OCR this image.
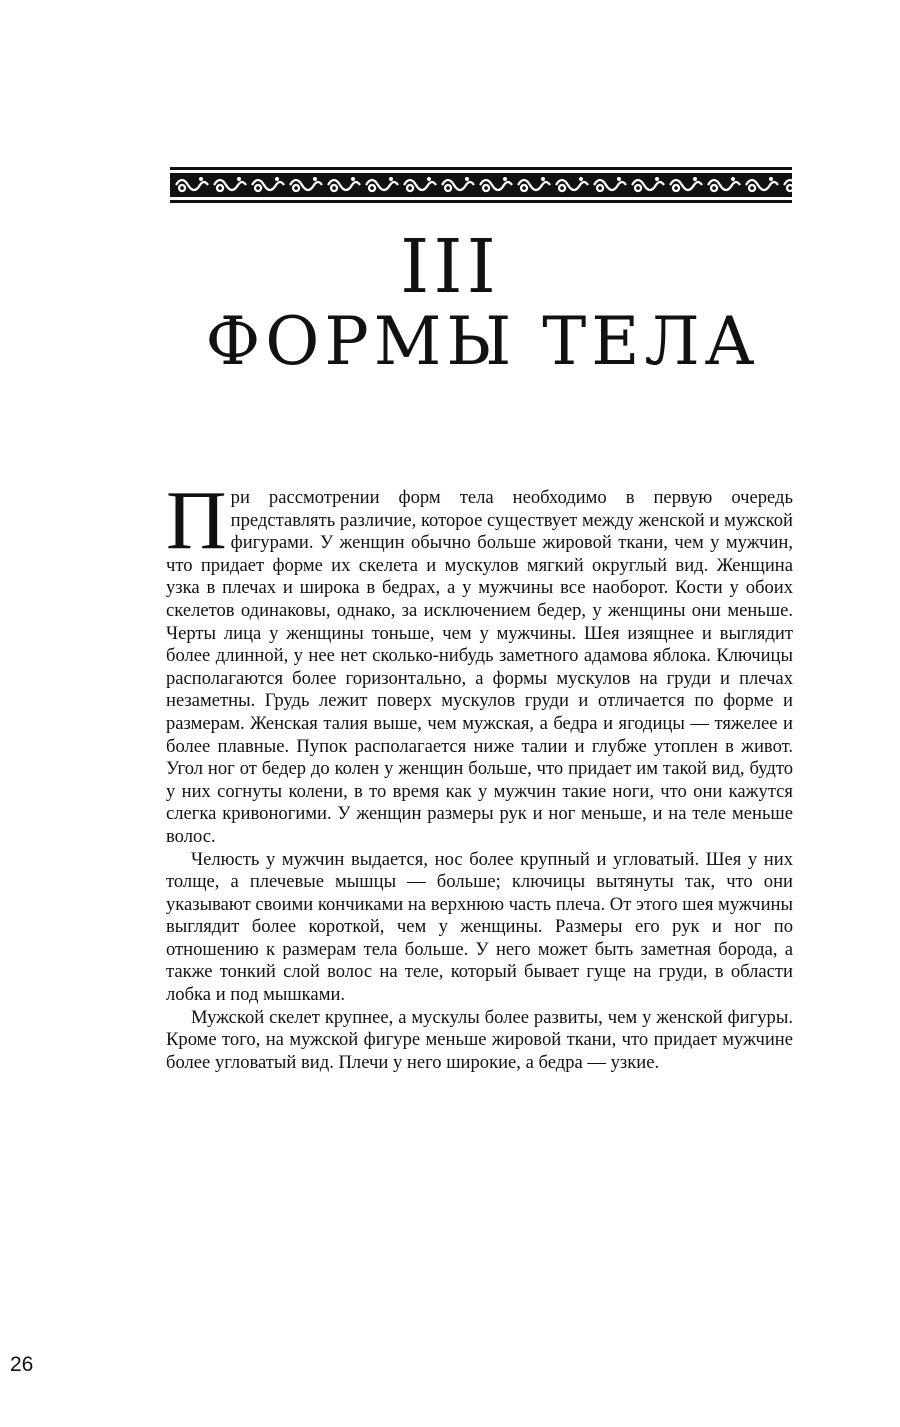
III
ФОРМЫ ТЕЛА

При рассмотрении форм тела необходимо в первую очередь представлять различие, которое существует между женской и мужской фигурами. У женщин обычно больше жировой ткани, чем у мужчин, что придает форме их скелета и мускулов мягкий округлый вид. Женщина узка в плечах и широка в бедрах, а у мужчины все наоборот. Кости у обоих скелетов одинаковы, однако, за исключением бедер, у женщины они меньше. Черты лица у женщины тоньше, чем у мужчины. Шея изящнее и выглядит более длинной, у нее нет сколько-нибудь заметного адамова яблока. Ключицы располагаются более горизонтально, а формы мускулов на груди и плечах незаметны. Грудь лежит поверх мускулов груди и отличается по форме и размерам. Женская талия выше, чем мужская, а бедра и ягодицы — тяжелее и более плавные. Пупок располагается ниже талии и глубже утоплен в живот. Угол ног от бедер до колен у женщин больше, что придает им такой вид, будто у них согнуты колени, в то время как у мужчин такие ноги, что они кажутся слегка кривоногими. У женщин размеры рук и ног меньше, и на теле меньше волос.

Челюсть у мужчин выдается, нос более крупный и угловатый. Шея у них толще, а плечевые мышцы — больше; ключицы вытянуты так, что они указывают своими кончиками на верхнюю часть плеча. От этого шея мужчины выглядит более короткой, чем у женщины. Размеры его рук и ног по отношению к размерам тела больше. У него может быть заметная борода, а также тонкий слой волос на теле, который бывает гуще на груди, в области лобка и под мышками.

Мужской скелет крупнее, а мускулы более развиты, чем у женской фигуры. Кроме того, на мужской фигуре меньше жировой ткани, что придает мужчине более угловатый вид. Плечи у него широкие, а бедра — узкие.

26
